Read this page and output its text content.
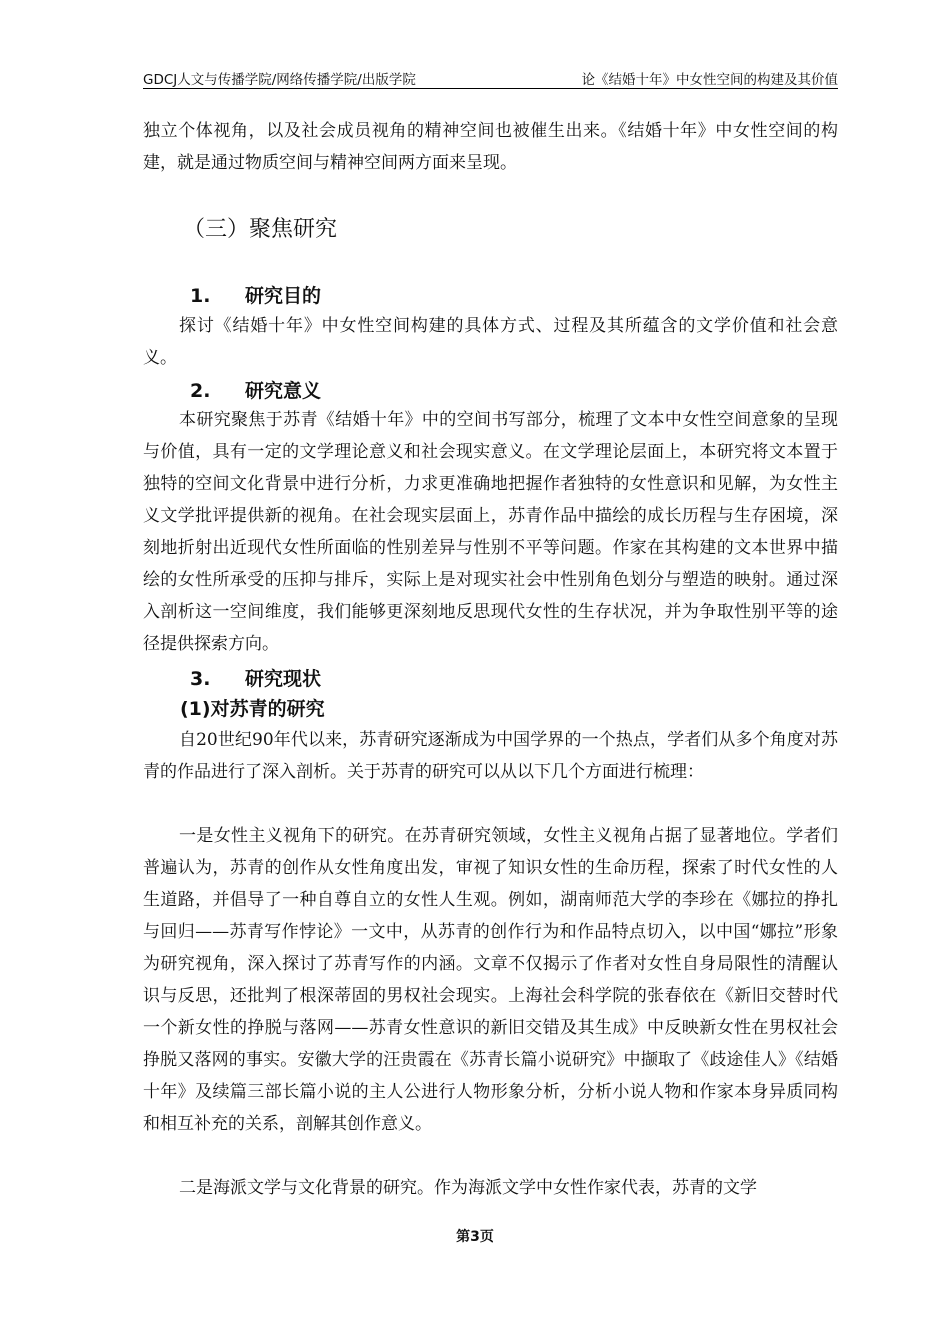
GDCJ人文与传播学院/网络传播学院/出版学院	论《结婚十年》中女性空间的构建及其价值

独立个体视角，以及社会成员视角的精神空间也被催生出来。《结婚十年》中女性空间的构建，就是通过物质空间与精神空间两方面来呈现。

（三）聚焦研究
1. 研究目的

探讨《结婚十年》中女性空间构建的具体方式、过程及其所蕴含的文学价值和社会意义。

2. 研究意义

本研究聚焦于苏青《结婚十年》中的空间书写部分，梳理了文本中女性空间意象的呈现与价值，具有一定的文学理论意义和社会现实意义。在文学理论层面上，本研究将文本置于独特的空间文化背景中进行分析，力求更准确地把握作者独特的女性意识和见解，为女性主义文学批评提供新的视角。在社会现实层面上，苏青作品中描绘的成长历程与生存困境，深刻地折射出近现代女性所面临的性别差异与性别不平等问题。作家在其构建的文本世界中描绘的女性所承受的压抑与排斥，实际上是对现实社会中性别角色划分与塑造的映射。通过深入剖析这一空间维度，我们能够更深刻地反思现代女性的生存状况，并为争取性别平等的途径提供探索方向。

3. 研究现状
(1)对苏青的研究

自20世纪90年代以来，苏青研究逐渐成为中国学界的一个热点，学者们从多个角度对苏青的作品进行了深入剖析。关于苏青的研究可以从以下几个方面进行梳理：

一是女性主义视角下的研究。在苏青研究领域，女性主义视角占据了显著地位。学者们普遍认为，苏青的创作从女性角度出发，审视了知识女性的生命历程，探索了时代女性的人生道路，并倡导了一种自尊自立的女性人生观。例如，湖南师范大学的李珍在《娜拉的挣扎与回归——苏青写作悖论》一文中，从苏青的创作行为和作品特点切入，以中国“娜拉”形象为研究视角，深入探讨了苏青写作的内涵。文章不仅揭示了作者对女性自身局限性的清醒认识与反思，还批判了根深蒂固的男权社会现实。上海社会科学院的张春依在《新旧交替时代一个新女性的挣脱与落网——苏青女性意识的新旧交错及其生成》中反映新女性在男权社会挣脱又落网的事实。安徽大学的汪贵霞在《苏青长篇小说研究》中撷取了《歧途佳人》《结婚十年》及续篇三部长篇小说的主人公进行人物形象分析，分析小说人物和作家本身异质同构和相互补充的关系，剖解其创作意义。

二是海派文学与文化背景的研究。作为海派文学中女性作家代表，苏青的文学

第3页
